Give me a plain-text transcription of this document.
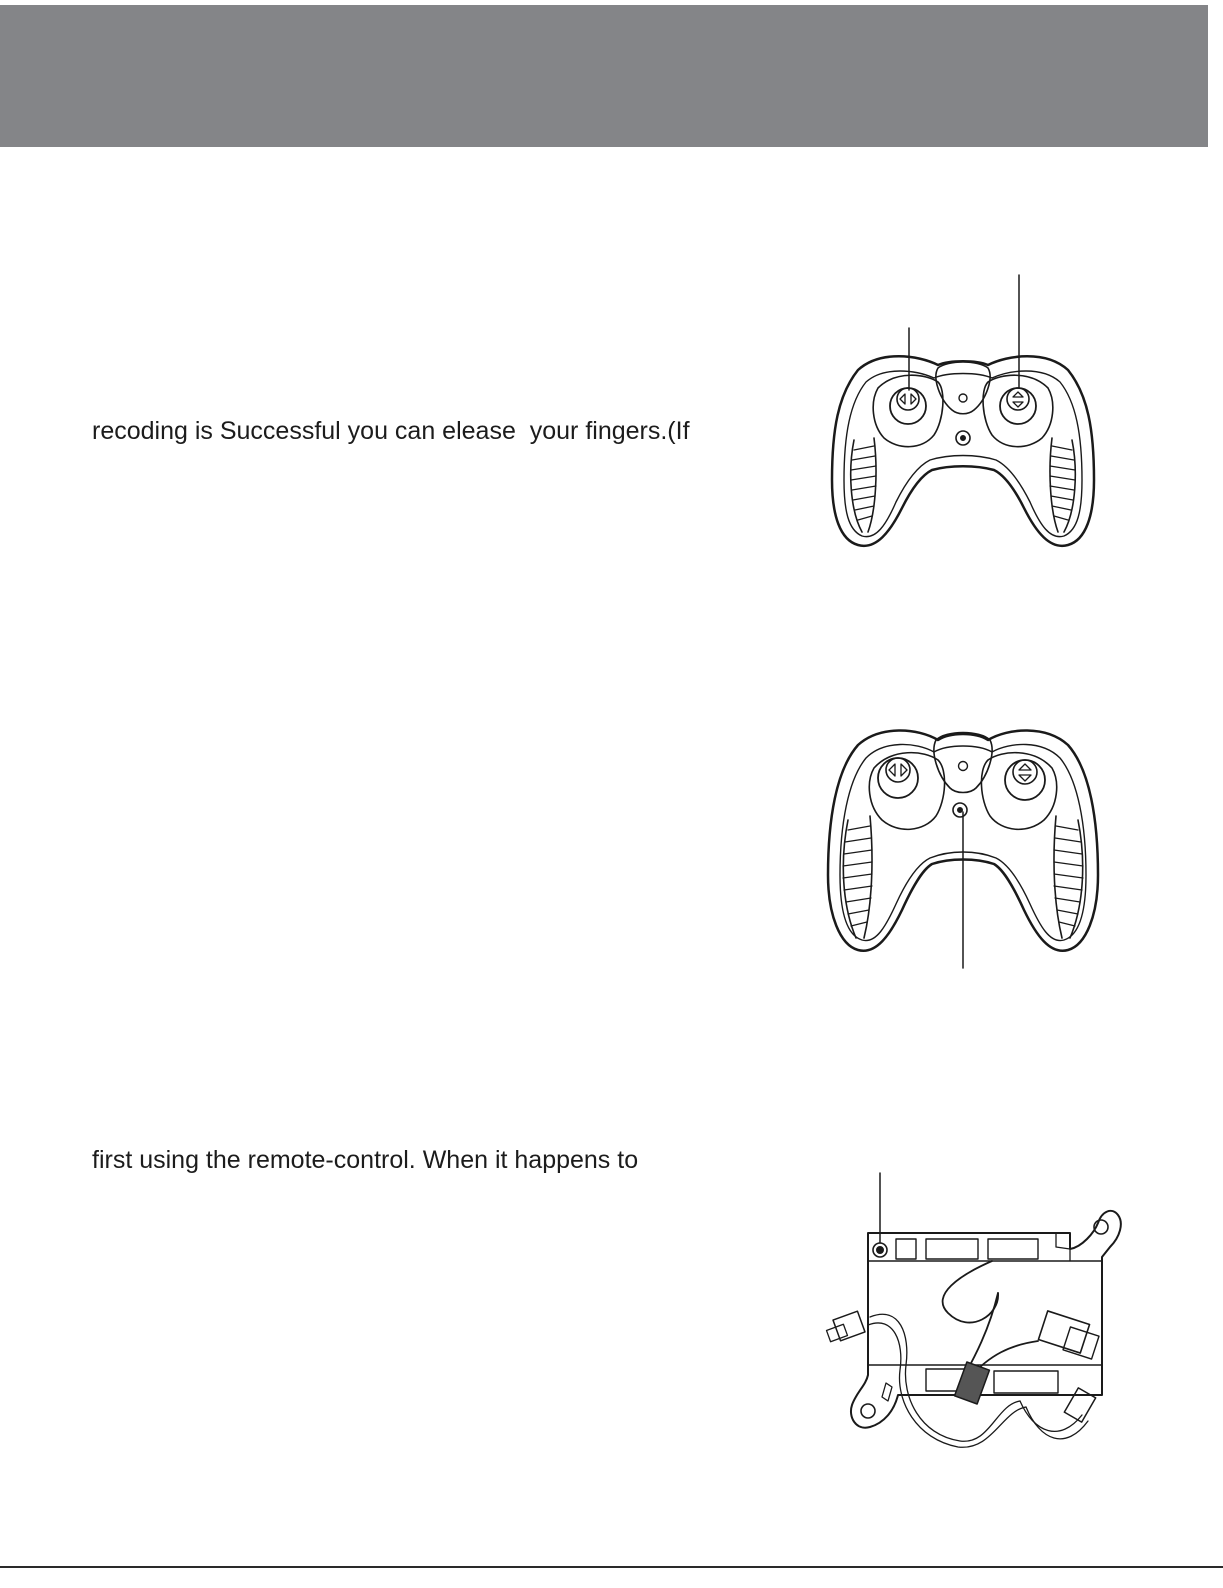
recoding is Successful you can elease  your fingers.(If
first using the remote-control. When it happens to
